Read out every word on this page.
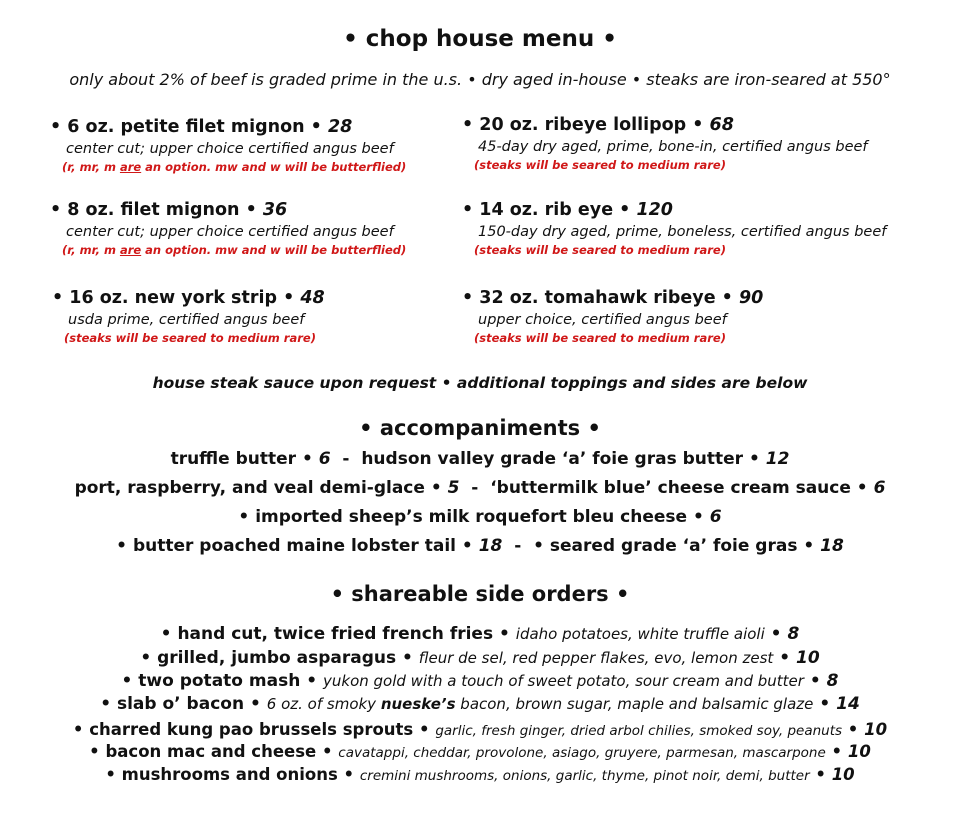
• chop house menu •
only about 2% of beef is graded prime in the u.s. • dry aged in-house • steaks are iron-seared at 550°
• 6 oz. petite filet mignon • 28
center cut; upper choice certified angus beef
(r, mr, m are an option. mw and w will be butterflied)
• 20 oz. ribeye lollipop • 68
45-day dry aged, prime, bone-in, certified angus beef
(steaks will be seared to medium rare)
• 8 oz. filet mignon • 36
center cut; upper choice certified angus beef
(r, mr, m are an option. mw and w will be butterflied)
• 14 oz. rib eye • 120
150-day dry aged, prime, boneless, certified angus beef
(steaks will be seared to medium rare)
• 16 oz. new york strip • 48
usda prime, certified angus beef
(steaks will be seared to medium rare)
• 32 oz. tomahawk ribeye • 90
upper choice, certified angus beef
(steaks will be seared to medium rare)
house steak sauce upon request • additional toppings and sides are below
• accompaniments •
truffle butter • 6  -  hudson valley grade ‘a’ foie gras butter • 12
port, raspberry, and veal demi-glace • 5  -  ‘buttermilk blue’ cheese cream sauce • 6
• imported sheep’s milk roquefort bleu cheese • 6
• butter poached maine lobster tail • 18  -  • seared grade ‘a’ foie gras • 18
• shareable side orders •
• hand cut, twice fried french fries • idaho potatoes, white truffle aioli • 8
• grilled, jumbo asparagus • fleur de sel, red pepper flakes, evo, lemon zest • 10
• two potato mash • yukon gold with a touch of sweet potato, sour cream and butter • 8
• slab o’ bacon • 6 oz. of smoky nueske’s bacon, brown sugar, maple and balsamic glaze • 14
• charred kung pao brussels sprouts • garlic, fresh ginger, dried arbol chilies, smoked soy, peanuts • 10
• bacon mac and cheese • cavatappi, cheddar, provolone, asiago, gruyere, parmesan, mascarpone • 10
• mushrooms and onions • cremini mushrooms, onions, garlic, thyme, pinot noir, demi, butter • 10
